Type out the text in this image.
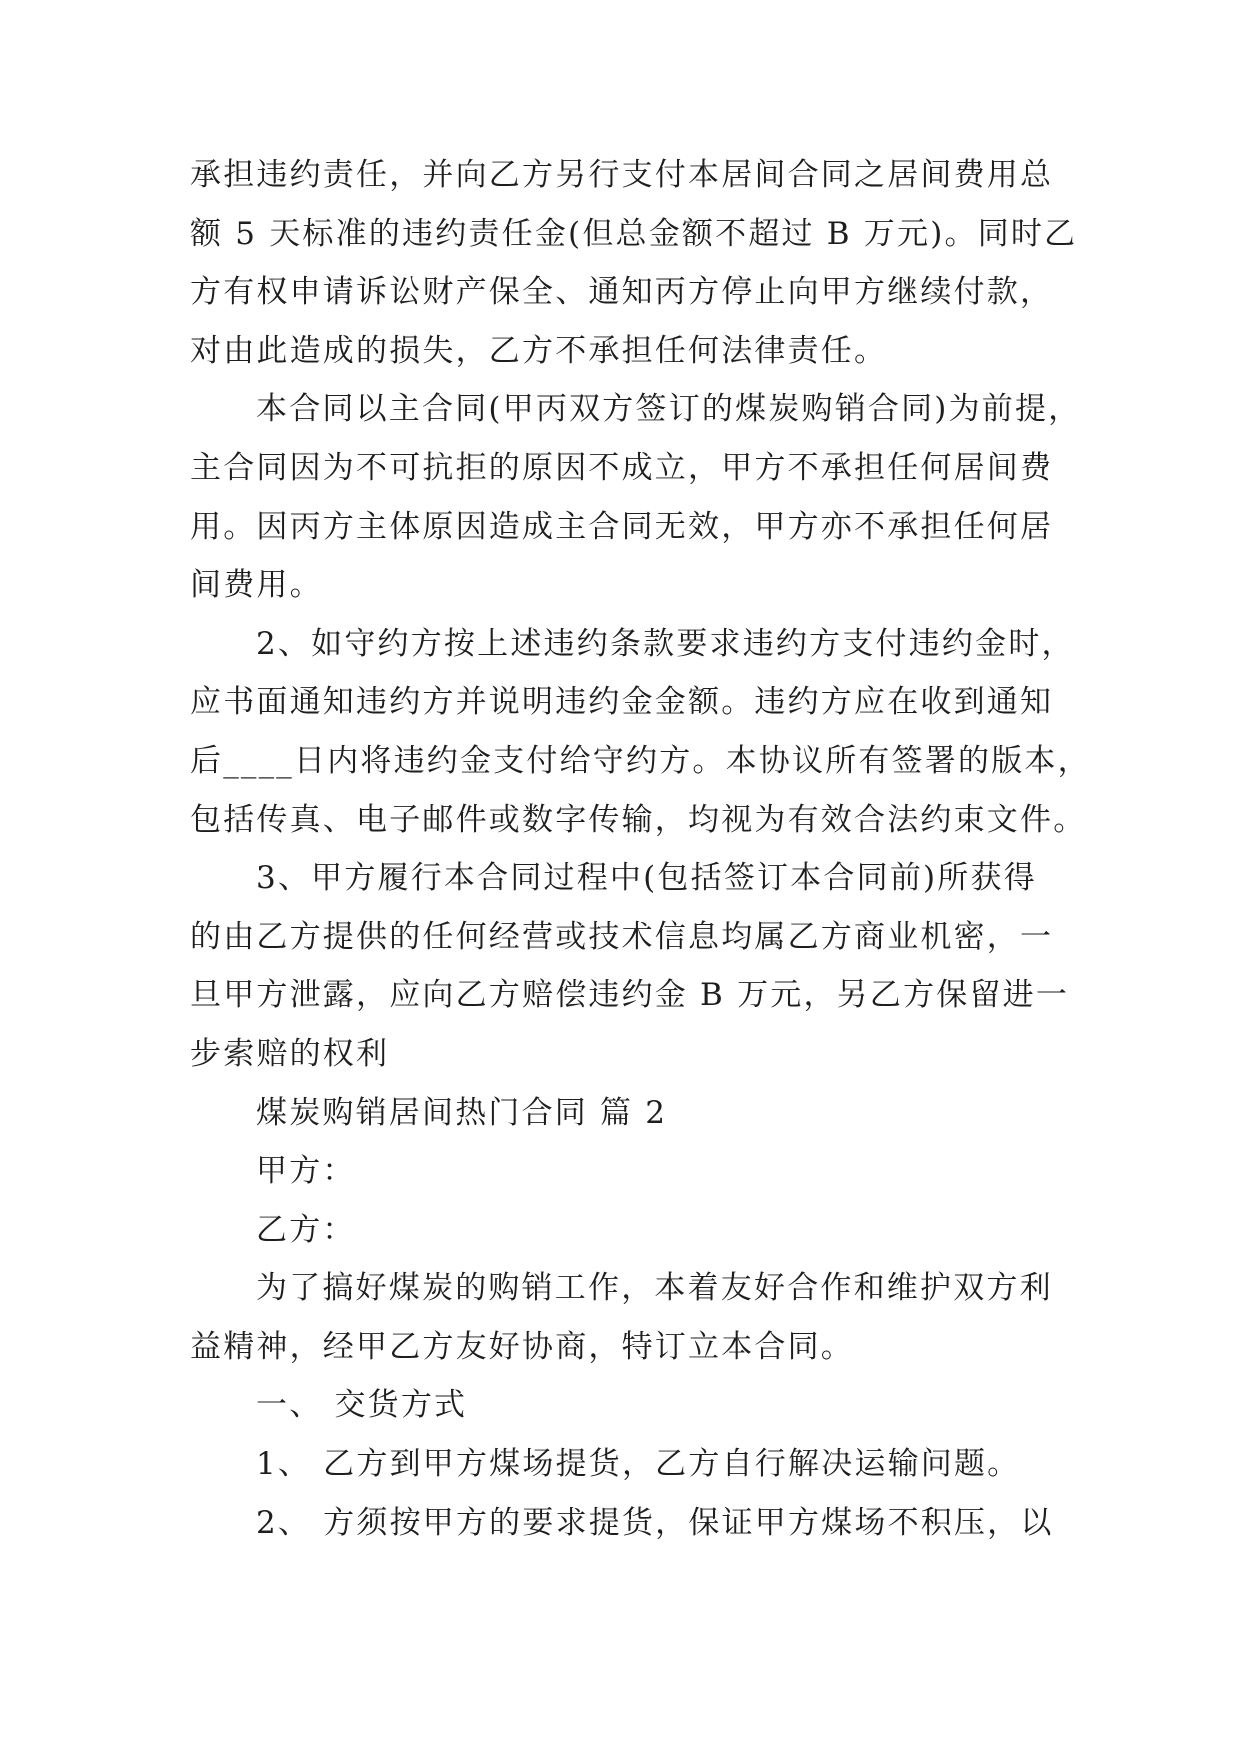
承担违约责任，并向乙方另行支付本居间合同之居间费用总
额 5 天标准的违约责任金(但总金额不超过 B 万元)。同时乙
方有权申请诉讼财产保全、通知丙方停止向甲方继续付款，
对由此造成的损失，乙方不承担任何法律责任。

本合同以主合同(甲丙双方签订的煤炭购销合同)为前提，
主合同因为不可抗拒的原因不成立，甲方不承担任何居间费
用。因丙方主体原因造成主合同无效，甲方亦不承担任何居
间费用。

2、如守约方按上述违约条款要求违约方支付违约金时，
应书面通知违约方并说明违约金金额。违约方应在收到通知
后____日内将违约金支付给守约方。本协议所有签署的版本，
包括传真、电子邮件或数字传输，均视为有效合法约束文件。

3、甲方履行本合同过程中(包括签订本合同前)所获得
的由乙方提供的任何经营或技术信息均属乙方商业机密，一
旦甲方泄露，应向乙方赔偿违约金 B 万元，另乙方保留进一
步索赔的权利

煤炭购销居间热门合同 篇 2

甲方：

乙方：

为了搞好煤炭的购销工作，本着友好合作和维护双方利
益精神，经甲乙方友好协商，特订立本合同。

一、 交货方式

1、 乙方到甲方煤场提货，乙方自行解决运输问题。

2、 方须按甲方的要求提货，保证甲方煤场不积压，以
